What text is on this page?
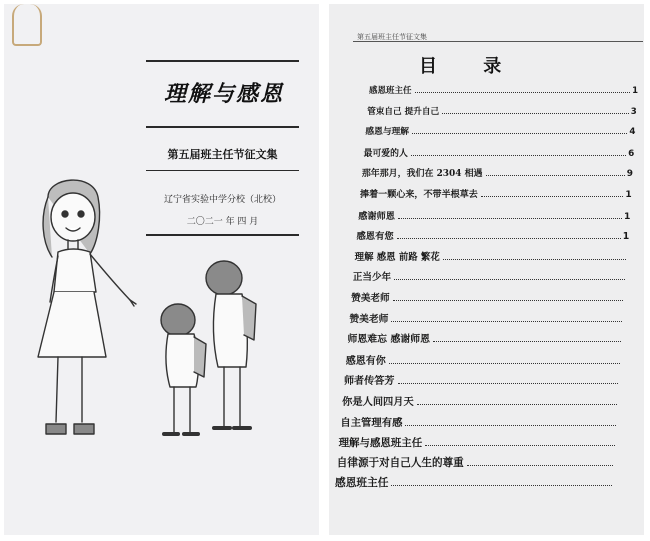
理解与感恩
第五届班主任节征文集
辽宁省实验中学分校（北校）
二〇二一 年 四 月
第五届班主任节征文集
目 录
感恩班主任	1
管束自己 提升自己	3
感恩与理解	4
最可爱的人	6
那年那月，我们在 2304 相遇	9
捧着一颗心来，不带半根草去	1
感谢师恩	1
感恩有您	1
理解 感恩 前路 繁花
正当少年
赞美老师
赞美老师
师恩难忘 感谢师恩
感恩有你
师者传答芳
你是人间四月天
自主管理有感
理解与感恩班主任
自律源于对自己人生的尊重
感恩班主任
